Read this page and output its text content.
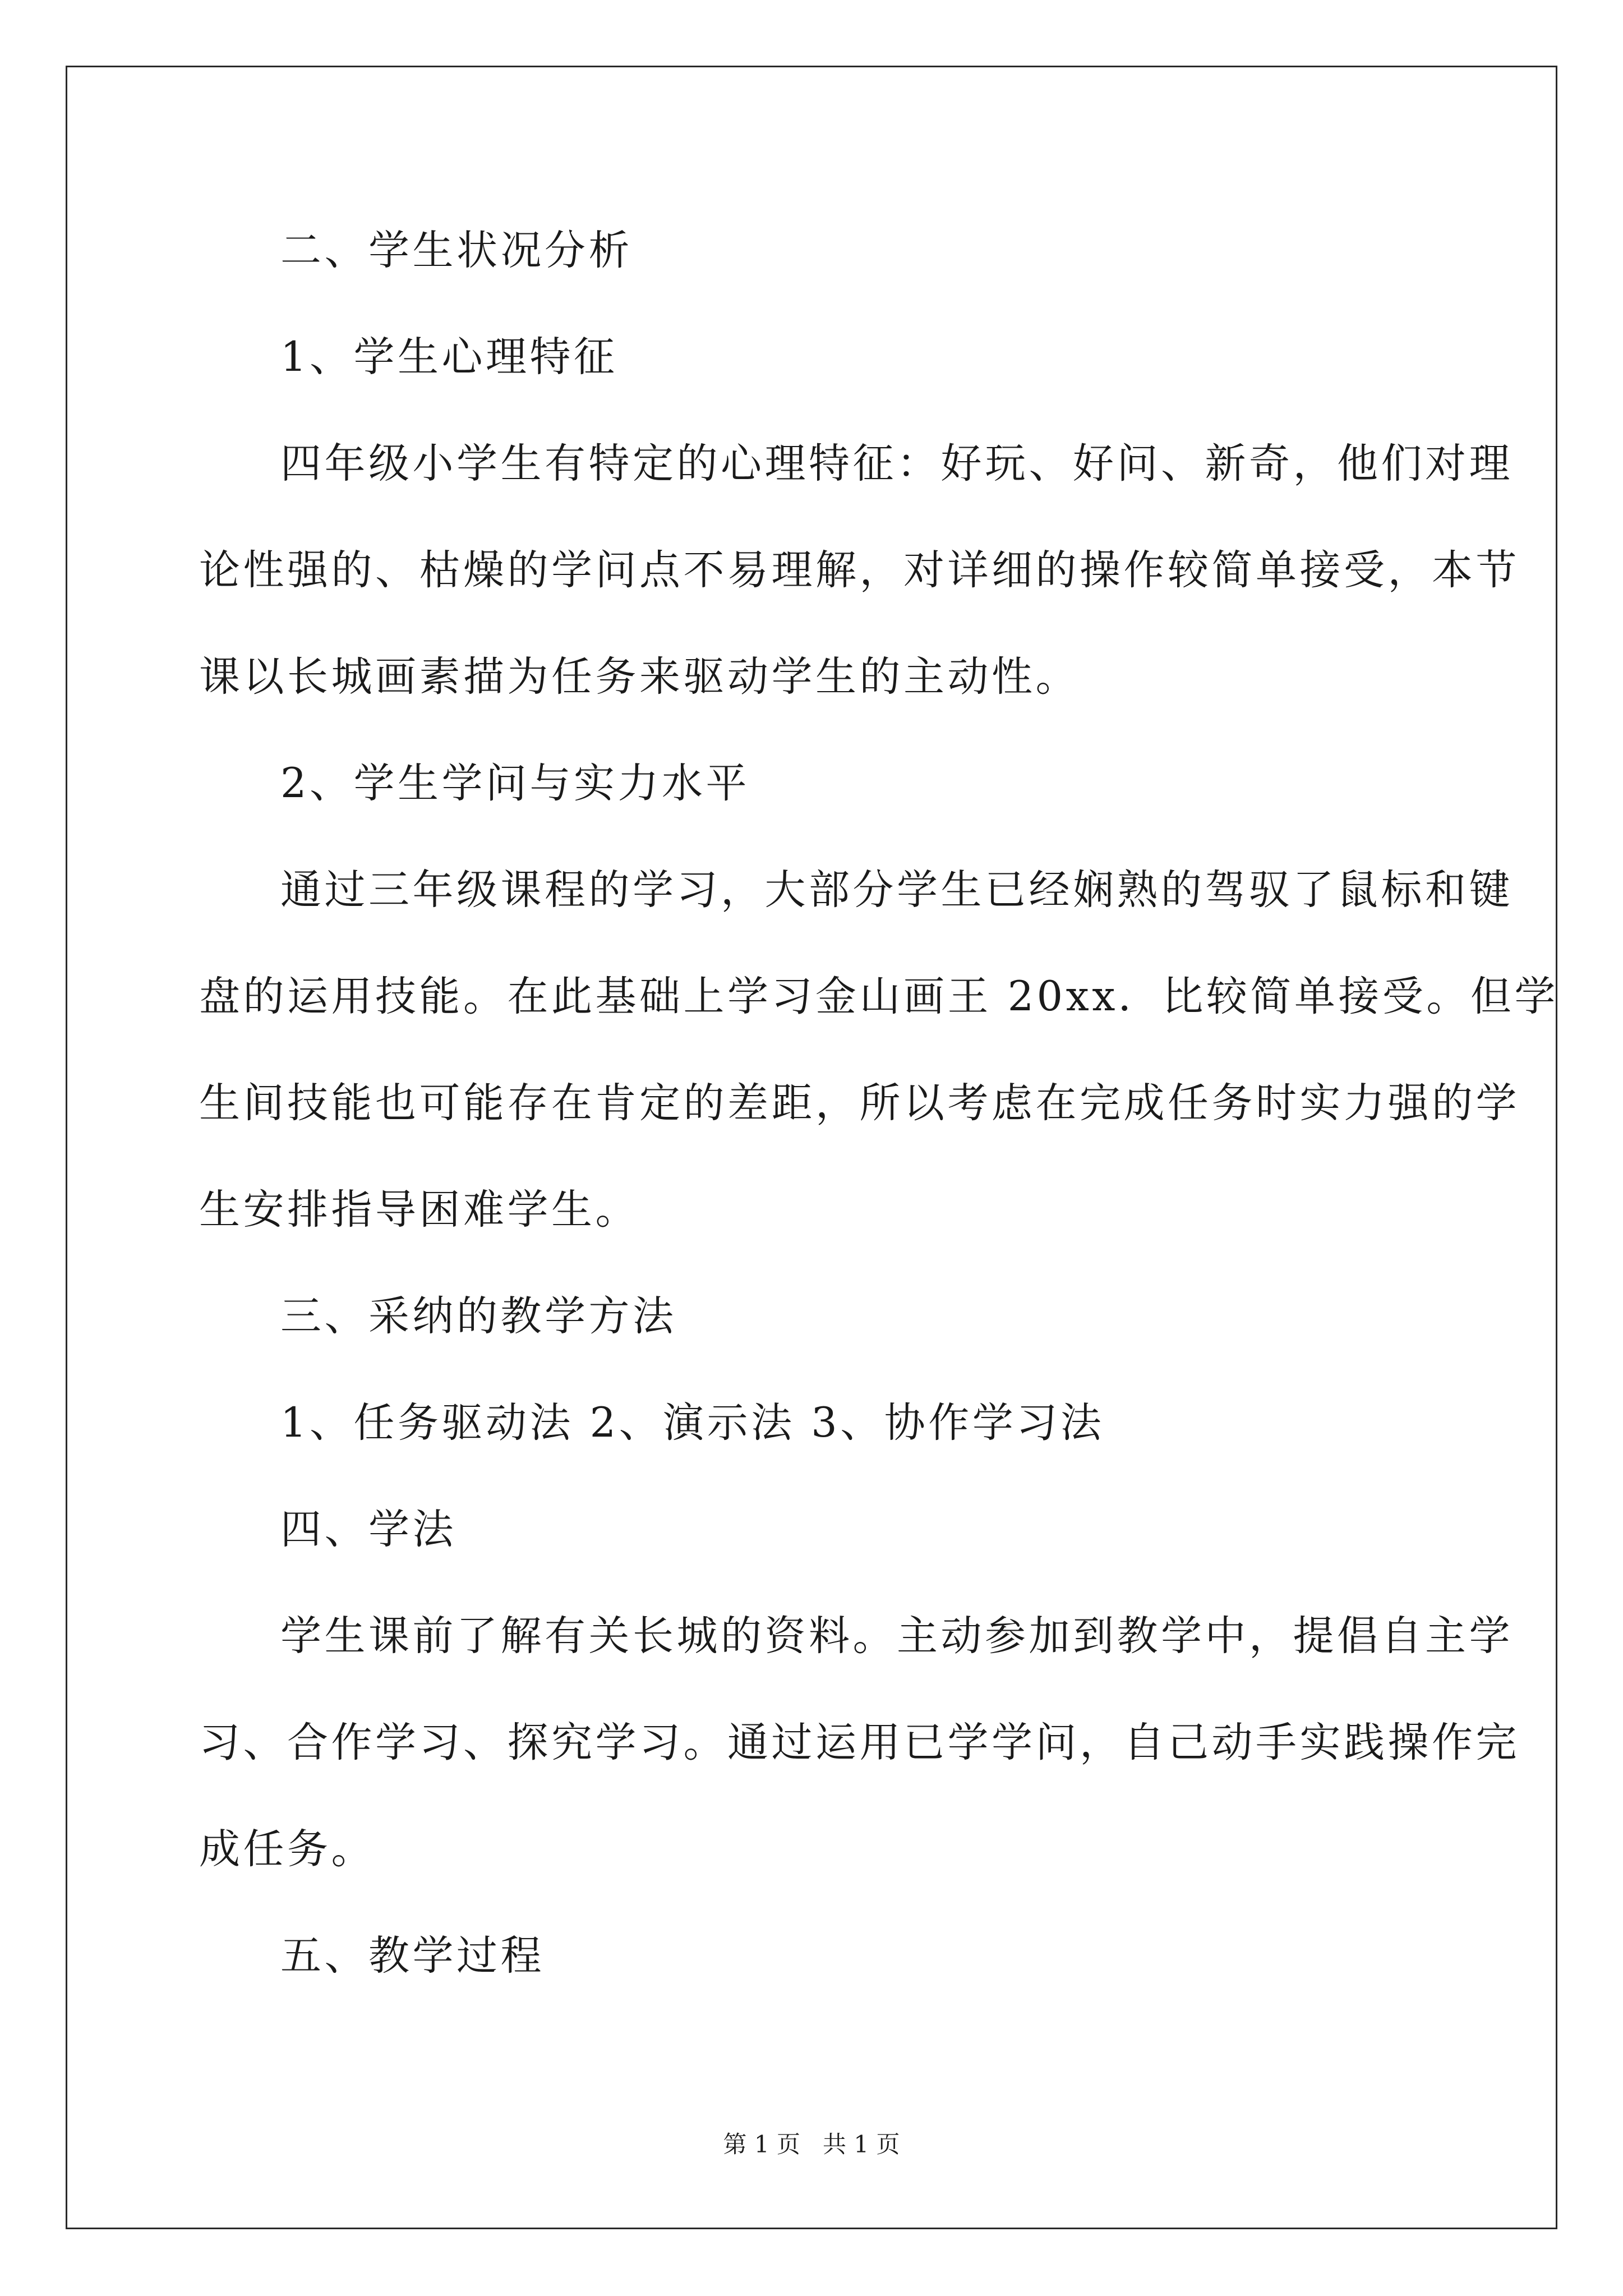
二、学生状况分析
1、学生心理特征
四年级小学生有特定的心理特征：好玩、好问、新奇，他们对理
论性强的、枯燥的学问点不易理解，对详细的操作较简单接受，本节
课以长城画素描为任务来驱动学生的主动性。
2、学生学问与实力水平
通过三年级课程的学习，大部分学生已经娴熟的驾驭了鼠标和键
盘的运用技能。在此基础上学习金山画王 20xx．比较简单接受。但学
生间技能也可能存在肯定的差距，所以考虑在完成任务时实力强的学
生安排指导困难学生。
三、采纳的教学方法
1、任务驱动法 2、演示法 3、协作学习法
四、学法
学生课前了解有关长城的资料。主动参加到教学中，提倡自主学
习、合作学习、探究学习。通过运用已学学问，自己动手实践操作完
成任务。
五、教学过程
第 1 页   共 1 页
